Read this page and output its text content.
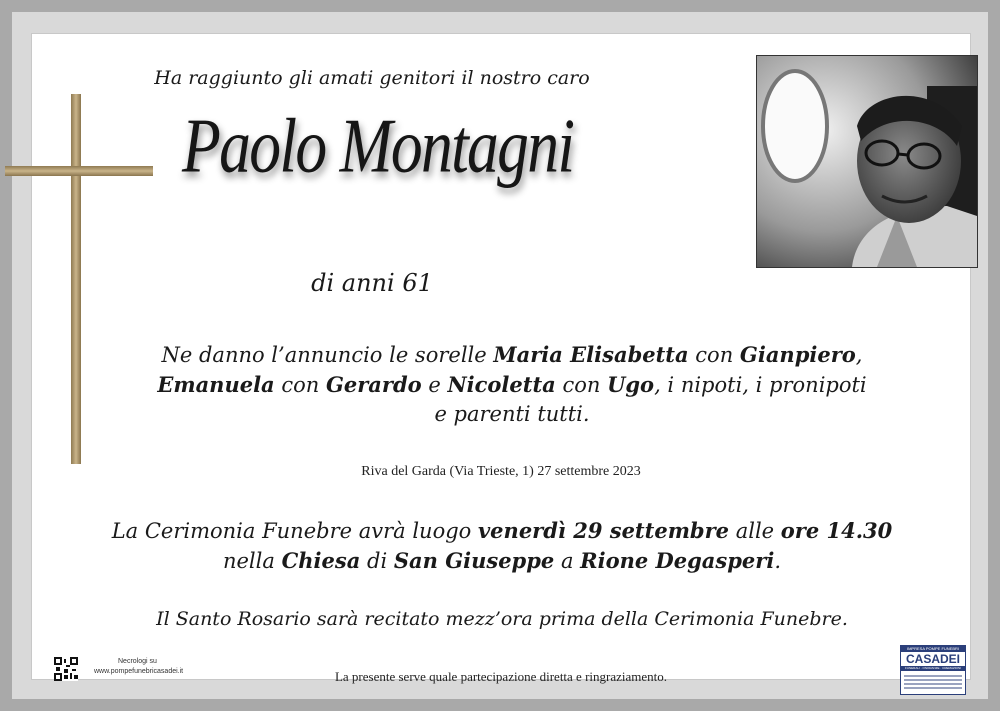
Ha raggiunto gli amati genitori il nostro caro
Paolo Montagni
di anni 61
Ne danno l’annuncio le sorelle Maria Elisabetta con Gianpiero,
Emanuela con Gerardo e Nicoletta con Ugo, i nipoti, i pronipoti
e parenti tutti.
Riva del Garda (Via Trieste, 1) 27 settembre 2023
La Cerimonia Funebre avrà luogo venerdì 29 settembre alle ore 14.30
nella Chiesa di San Giuseppe a Rione Degasperi.
Il Santo Rosario sarà recitato mezz’ora prima della Cerimonia Funebre.
La presente serve quale partecipazione diretta e ringraziamento.
Necrologi su
www.pompefunebricasadei.it
IMPRESA POMPE FUNEBRI
CASADEI
FUNERALI · ONORANZE · CREMAZIONI
